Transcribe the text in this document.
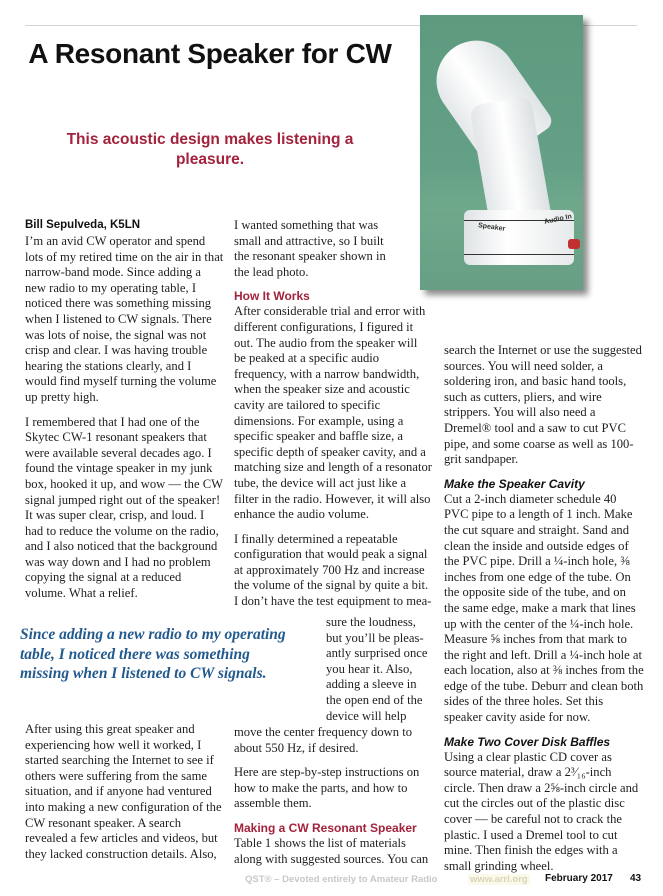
A Resonant Speaker for CW
This acoustic design makes listening a pleasure.
Speaker
Audio In
Bill Sepulveda, K5LN

I’m an avid CW operator and spend lots of my retired time on the air in that narrow-band mode. Since adding a new radio to my operating table, I noticed there was something missing when I listened to CW signals. There was lots of noise, the signal was not crisp and clear. I was having trouble hearing the stations clearly, and I would find myself turning the volume up pretty high.

I remembered that I had one of the Skytec CW-1 resonant speakers that were available several decades ago. I found the vintage speaker in my junk box, hooked it up, and wow — the CW signal jumped right out of the speaker! It was super clear, crisp, and loud. I had to reduce the volume on the radio, and I also noticed that the background was way down and I had no problem copying the signal at a reduced volume. What a relief.

Since adding a new radio to my operating table, I noticed there was something missing when I listened to CW signals.

After using this great speaker and experiencing how well it worked, I started searching the Internet to see if others were suffering from the same situation, and if anyone had ventured into making a new configuration of the CW resonant speaker. A search revealed a few articles and videos, but they lacked construction details. Also,

I wanted something that was small and attractive, so I built the resonant speaker shown in the lead photo.

How It Works

After considerable trial and error with different configurations, I figured it out. The audio from the speaker will be peaked at a specific audio frequency, with a narrow bandwidth, when the speaker size and acoustic cavity are tailored to specific dimensions. For example, using a specific speaker and baffle size, a specific depth of speaker cavity, and a matching size and length of a resonator tube, the device will act just like a filter in the radio. However, it will also enhance the audio volume.

I finally determined a repeatable configuration that would peak a signal at approximately 700 Hz and increase the volume of the signal by quite a bit. I don’t have the test equipment to mea-

sure the loudness,
but you’ll be pleas-
antly surprised once
you hear it. Also,
adding a sleeve in
the open end of the
device will help

move the center frequency down to about 550 Hz, if desired.

Here are step-by-step instructions on how to make the parts, and how to assemble them.

Making a CW Resonant Speaker

Table 1 shows the list of materials along with suggested sources. You can

search the Internet or use the suggested sources. You will need solder, a soldering iron, and basic hand tools, such as cutters, pliers, and wire strippers. You will also need a Dremel® tool and a saw to cut PVC pipe, and some coarse as well as 100-grit sandpaper.

Make the Speaker Cavity

Cut a 2-inch diameter schedule 40 PVC pipe to a length of 1 inch. Make the cut square and straight. Sand and clean the inside and outside edges of the PVC pipe. Drill a ¼-inch hole, ⅜ inches from one edge of the tube. On the opposite side of the tube, and on the same edge, make a mark that lines up with the center of the ¼-inch hole. Measure ⅝ inches from that mark to the right and left. Drill a ¼-inch hole at each location, also at ⅜ inches from the edge of the tube. Deburr and clean both sides of the three holes. Set this speaker cavity aside for now.

Make Two Cover Disk Baffles

Using a clear plastic CD cover as source material, draw a 2³⁄₁₆-inch circle. Then draw a 2⅝-inch circle and cut the circles out of the plastic disc cover — be careful not to crack the plastic. I used a Dremel tool to cut mine. Then finish the edges with a small grinding wheel.

QST® – Devoted entirely to Amateur Radio	www.arrl.org February 2017 43
